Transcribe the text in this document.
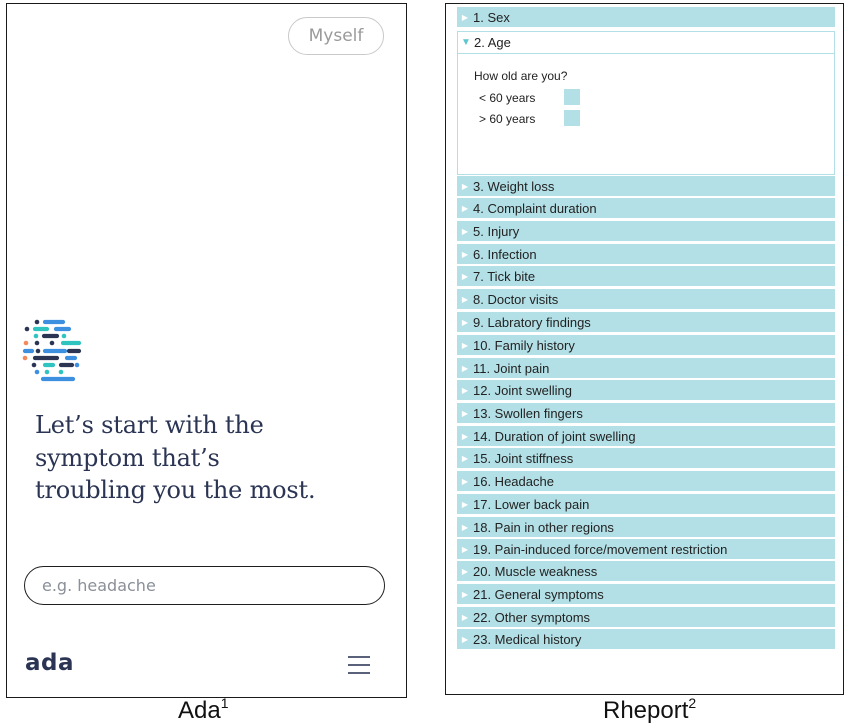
Myself
Let’s start with the symptom that’s troubling you the most.
e.g. headache
ada
Ada$^1$
▶ 1. Sex
▼ 2. Age
How old are you?
< 60 years
> 60 years
▶ 3. Weight loss
▶ 4. Complaint duration
▶ 5. Injury
▶ 6. Infection
▶ 7. Tick bite
▶ 8. Doctor visits
▶ 9. Labratory findings
▶ 10. Family history
▶ 11. Joint pain
▶ 12. Joint swelling
▶ 13. Swollen fingers
▶ 14. Duration of joint swelling
▶ 15. Joint stiffness
▶ 16. Headache
▶ 17. Lower back pain
▶ 18. Pain in other regions
▶ 19. Pain-induced force/movement restriction
▶ 20. Muscle weakness
▶ 21. General symptoms
▶ 22. Other symptoms
▶ 23. Medical history
Rheport$^2$
